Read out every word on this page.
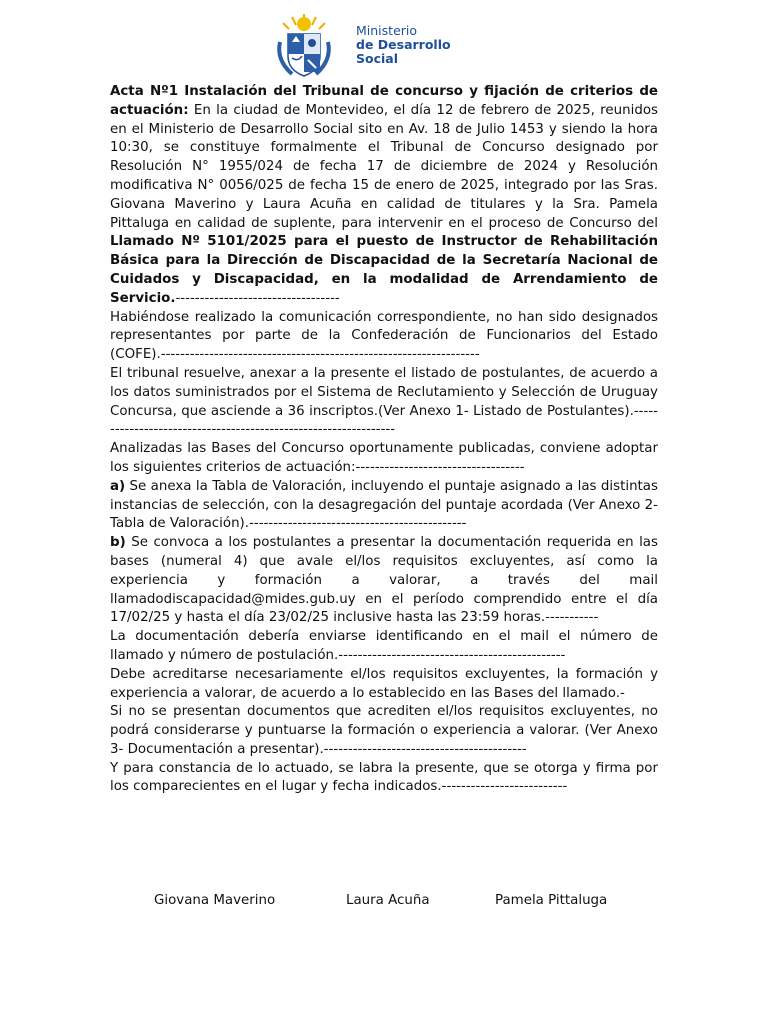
Ministerio
de Desarrollo
Social

Acta Nº1 Instalación del Tribunal de concurso y fijación de criterios de actuación: En la ciudad de Montevideo, el día 12 de febrero de 2025, reunidos en el Ministerio de Desarrollo Social sito en Av. 18 de Julio 1453 y siendo la hora 10:30, se constituye formalmente el Tribunal de Concurso designado por Resolución N° 1955/024 de fecha 17 de diciembre de 2024 y Resolución modificativa N° 0056/025 de fecha 15 de enero de 2025, integrado por las Sras. Giovana Maverino y Laura Acuña en calidad de titulares y la Sra. Pamela Pittaluga en calidad de suplente, para intervenir en el proceso de Concurso del Llamado Nº 5101/2025 para el puesto de Instructor de Rehabilitación Básica para la Dirección de Discapacidad de la Secretaría Nacional de Cuidados y Discapacidad, en la modalidad de Arrendamiento de Servicio.----------------------------------

Habiéndose realizado la comunicación correspondiente, no han sido designados representantes por parte de la Confederación de Funcionarios del Estado (COFE).------------------------------------------------------------------

El tribunal resuelve, anexar a la presente el listado de postulantes, de acuerdo a los datos suministrados por el Sistema de Reclutamiento y Selección de Uruguay Concursa, que asciende a 36 inscriptos.(Ver Anexo 1- Listado de Postulantes).----------------------------------------------------------------

Analizadas las Bases del Concurso oportunamente publicadas, conviene adoptar los siguientes criterios de actuación:-----------------------------------

a) Se anexa la Tabla de Valoración, incluyendo el puntaje asignado a las distintas instancias de selección, con la desagregación del puntaje acordada (Ver Anexo 2-Tabla de Valoración).---------------------------------------------

b) Se convoca a los postulantes a presentar la documentación requerida en las bases (numeral 4) que avale el/los requisitos excluyentes, así como la experiencia y formación a valorar, a través del mail llamadodiscapacidad@mides.gub.uy en el período comprendido entre el día 17/02/25 y hasta el día 23/02/25 inclusive hasta las 23:59 horas.-----------

La documentación debería enviarse identificando en el mail el número de llamado y número de postulación.-----------------------------------------------

Debe acreditarse necesariamente el/los requisitos excluyentes, la formación y experiencia a valorar, de acuerdo a lo establecido en las Bases del llamado.-

Si no se presentan documentos que acrediten el/los requisitos excluyentes, no podrá considerarse y puntuarse la formación o experiencia a valorar. (Ver Anexo 3- Documentación a presentar).------------------------------------------

Y para constancia de lo actuado, se labra la presente, que se otorga y firma por los comparecientes en el lugar y fecha indicados.--------------------------

Giovana Maverino	Laura Acuña	Pamela Pittaluga
